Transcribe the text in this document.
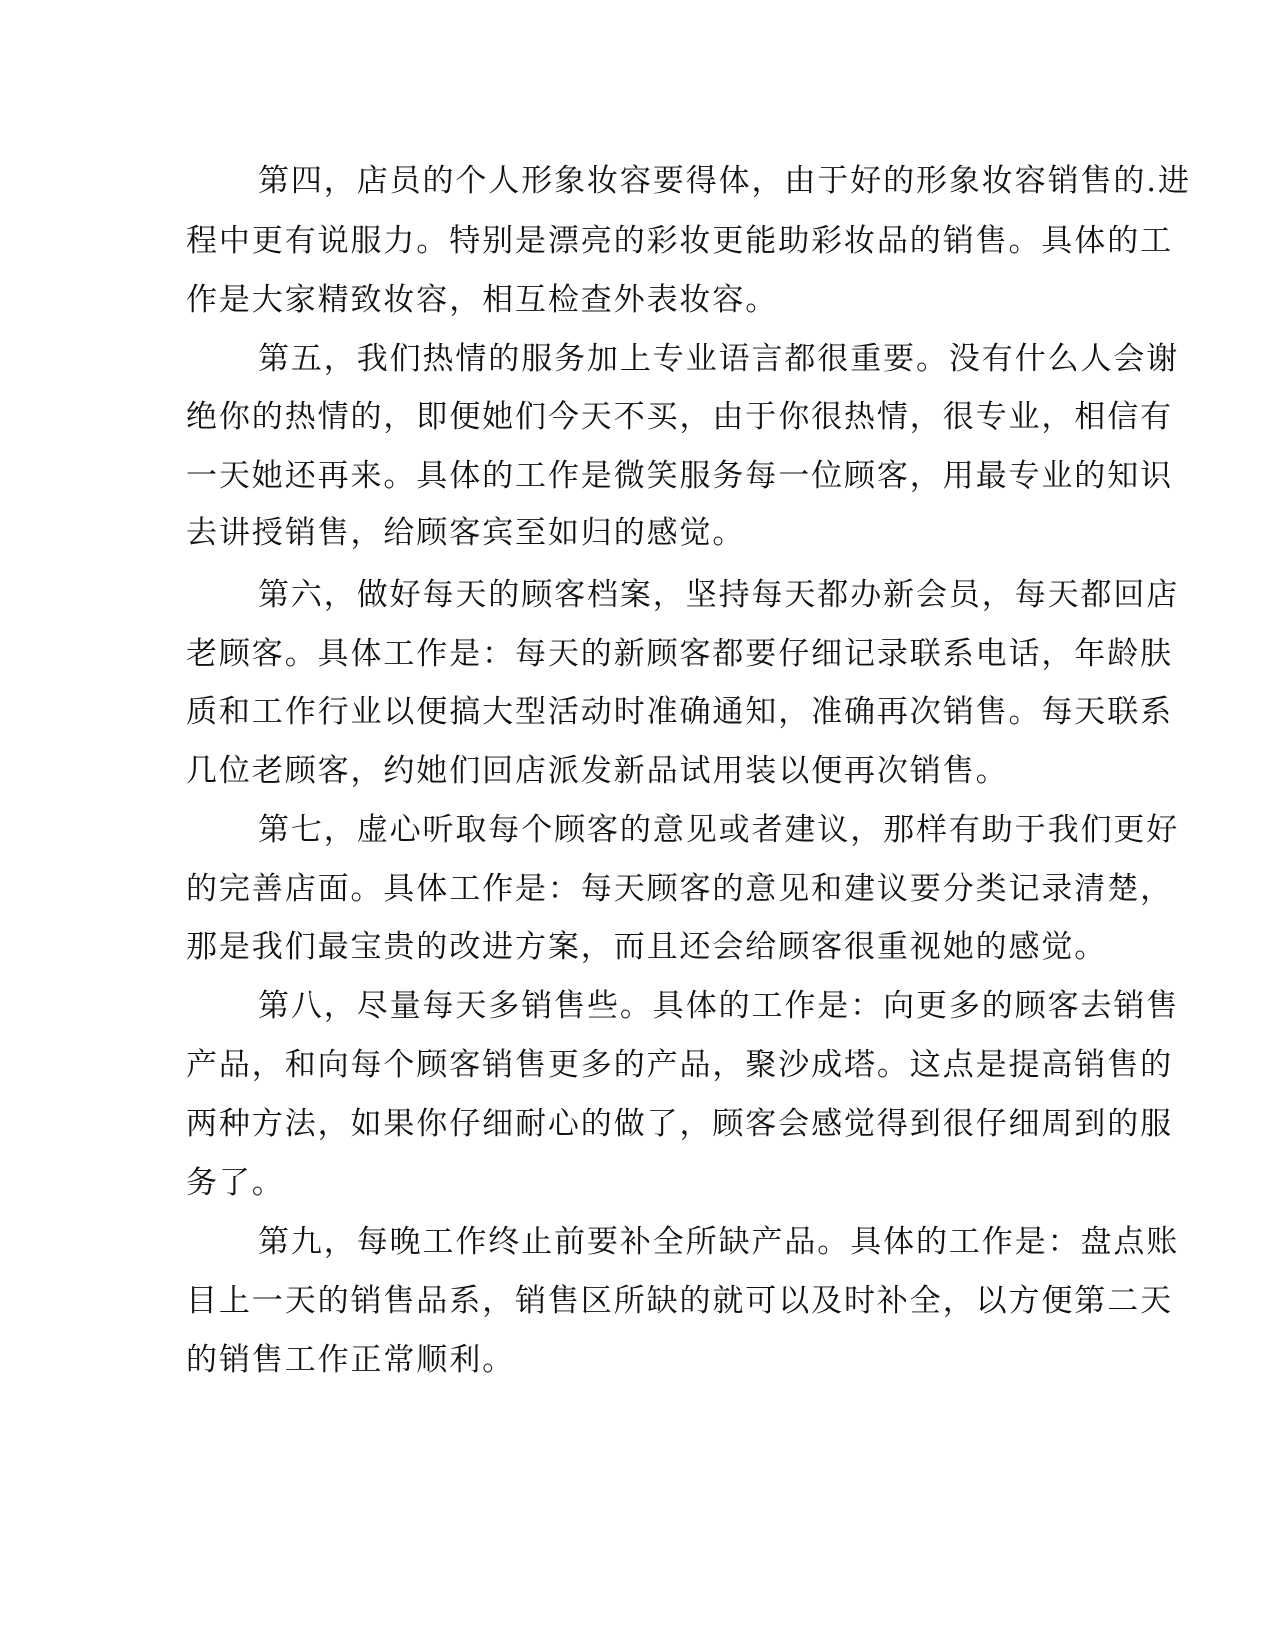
第四，店员的个人形象妆容要得体，由于好的形象妆容销售的.进
程中更有说服力。特别是漂亮的彩妆更能助彩妆品的销售。具体的工
作是大家精致妆容，相互检查外表妆容。
第五，我们热情的服务加上专业语言都很重要。没有什么人会谢
绝你的热情的，即便她们今天不买，由于你很热情，很专业，相信有
一天她还再来。具体的工作是微笑服务每一位顾客，用最专业的知识
去讲授销售，给顾客宾至如归的感觉。
第六，做好每天的顾客档案，坚持每天都办新会员，每天都回店
老顾客。具体工作是：每天的新顾客都要仔细记录联系电话，年龄肤
质和工作行业以便搞大型活动时准确通知，准确再次销售。每天联系
几位老顾客，约她们回店派发新品试用装以便再次销售。
第七，虚心听取每个顾客的意见或者建议，那样有助于我们更好
的完善店面。具体工作是：每天顾客的意见和建议要分类记录清楚，
那是我们最宝贵的改进方案，而且还会给顾客很重视她的感觉。
第八，尽量每天多销售些。具体的工作是：向更多的顾客去销售
产品，和向每个顾客销售更多的产品，聚沙成塔。这点是提高销售的
两种方法，如果你仔细耐心的做了，顾客会感觉得到很仔细周到的服
务了。
第九，每晚工作终止前要补全所缺产品。具体的工作是：盘点账
目上一天的销售品系，销售区所缺的就可以及时补全，以方便第二天
的销售工作正常顺利。
